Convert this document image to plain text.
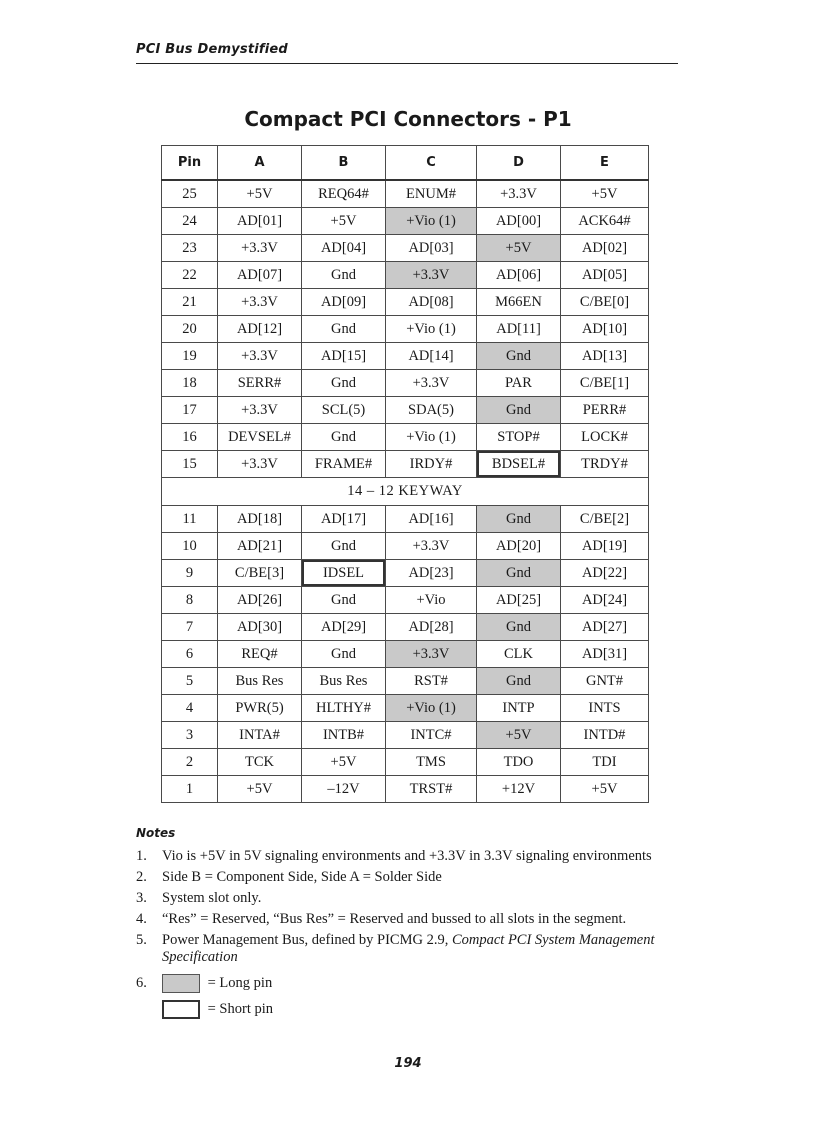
PCI Bus Demystified
Compact PCI Connectors - P1
Pin	A	B	C	D	E
25	+5V	REQ64#	ENUM#	+3.3V	+5V
24	AD[01]	+5V	+Vio (1)	AD[00]	ACK64#
23	+3.3V	AD[04]	AD[03]	+5V	AD[02]
22	AD[07]	Gnd	+3.3V	AD[06]	AD[05]
21	+3.3V	AD[09]	AD[08]	M66EN	C/BE[0]
20	AD[12]	Gnd	+Vio (1)	AD[11]	AD[10]
19	+3.3V	AD[15]	AD[14]	Gnd	AD[13]
18	SERR#	Gnd	+3.3V	PAR	C/BE[1]
17	+3.3V	SCL(5)	SDA(5)	Gnd	PERR#
16	DEVSEL#	Gnd	+Vio (1)	STOP#	LOCK#
15	+3.3V	FRAME#	IRDY#	BDSEL#	TRDY#
14 – 12 KEYWAY					
11	AD[18]	AD[17]	AD[16]	Gnd	C/BE[2]
10	AD[21]	Gnd	+3.3V	AD[20]	AD[19]
9	C/BE[3]	IDSEL	AD[23]	Gnd	AD[22]
8	AD[26]	Gnd	+Vio	AD[25]	AD[24]
7	AD[30]	AD[29]	AD[28]	Gnd	AD[27]
6	REQ#	Gnd	+3.3V	CLK	AD[31]
5	Bus Res	Bus Res	RST#	Gnd	GNT#
4	PWR(5)	HLTHY#	+Vio (1)	INTP	INTS
3	INTA#	INTB#	INTC#	+5V	INTD#
2	TCK	+5V	TMS	TDO	TDI
1	+5V	–12V	TRST#	+12V	+5V
Notes
1. Vio is +5V in 5V signaling environments and +3.3V in 3.3V signaling environments
2. Side B = Component Side, Side A = Solder Side
3. System slot only.
4. “Res” = Reserved, “Bus Res” = Reserved and bussed to all slots in the segment.
5. Power Management Bus, defined by PICMG 2.9, Compact PCI System Management Specification
6.	= Long pin
= Short pin
194
